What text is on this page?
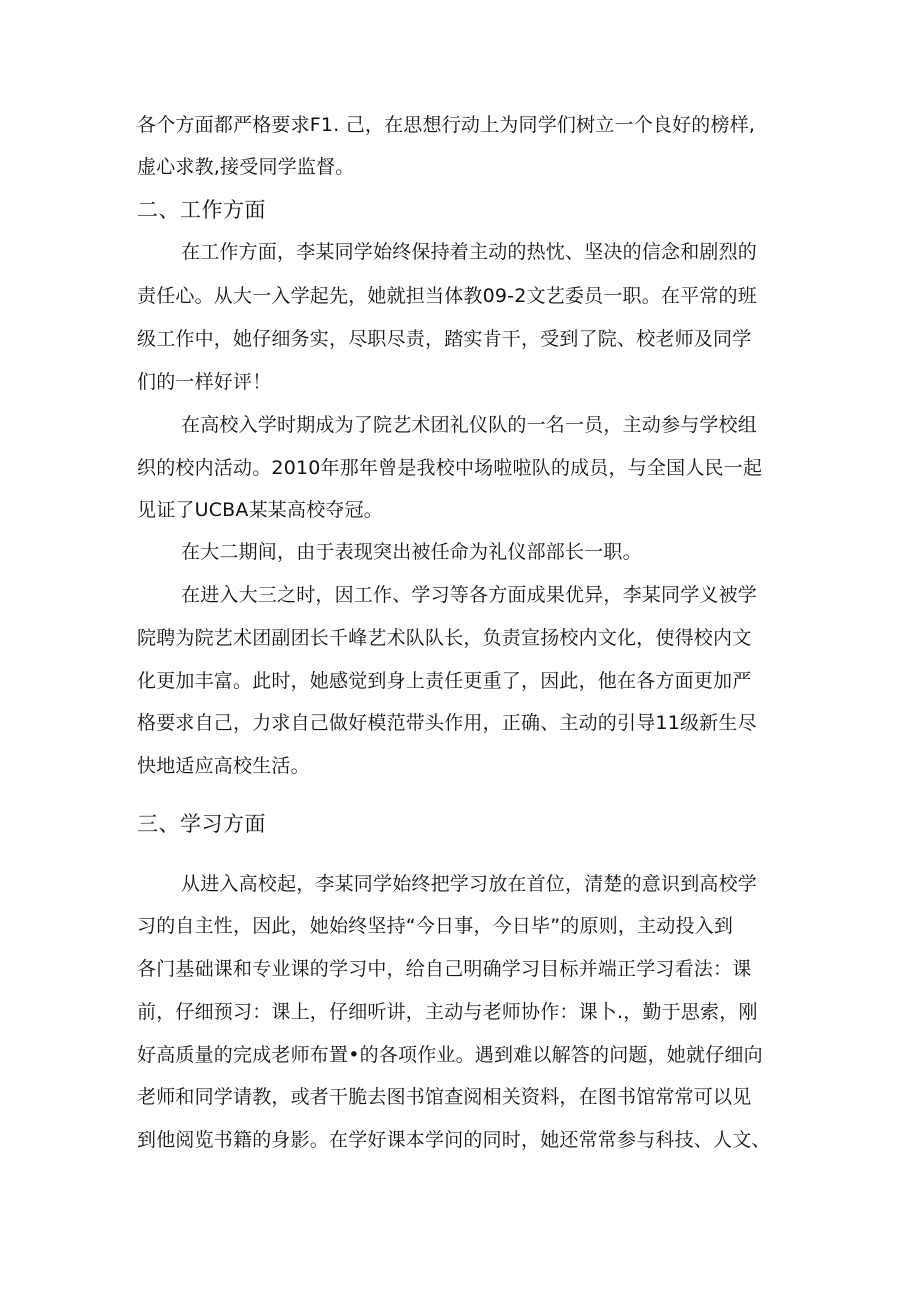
各个方面都严格要求F1. 己，在思想行动上为同学们树立一个良好的榜样,
虚心求教,接受同学监督。
二、工作方面
在工作方面，李某同学始终保持着主动的热忱、坚决的信念和剧烈的
责任心。从大一入学起先，她就担当体教09-2文艺委员一职。在平常的班
级工作中，她仔细务实，尽职尽责，踏实肯干，受到了院、校老师及同学
们的一样好评！
在高校入学时期成为了院艺术团礼仪队的一名一员，主动参与学校组
织的校内活动。2010年那年曾是我校中场啦啦队的成员，与全国人民一起
见证了UCBA某某高校夺冠。
在大二期间，由于表现突出被任命为礼仪部部长一职。
在进入大三之时，因工作、学习等各方面成果优异，李某同学义被学
院聘为院艺术团副团长千峰艺术队队长，负责宣扬校内文化，使得校内文
化更加丰富。此时，她感觉到身上责任更重了，因此，他在各方面更加严
格要求自己，力求自己做好模范带头作用，正确、主动的引导11级新生尽
快地适应高校生活。
三、学习方面
从进入高校起，李某同学始终把学习放在首位，清楚的意识到高校学
习的自主性，因此，她始终坚持“今日事，今日毕”的原则，主动投入到
各门基础课和专业课的学习中，给自己明确学习目标并端正学习看法：课
前，仔细预习：课上，仔细听讲，主动与老师协作：课卜.，勤于思索，刚
好高质量的完成老师布置•的各项作业。遇到难以解答的问题，她就仔细向
老师和同学请教，或者干脆去图书馆查阅相关资料，在图书馆常常可以见
到他阅览书籍的身影。在学好课本学问的同时，她还常常参与科技、人文、
